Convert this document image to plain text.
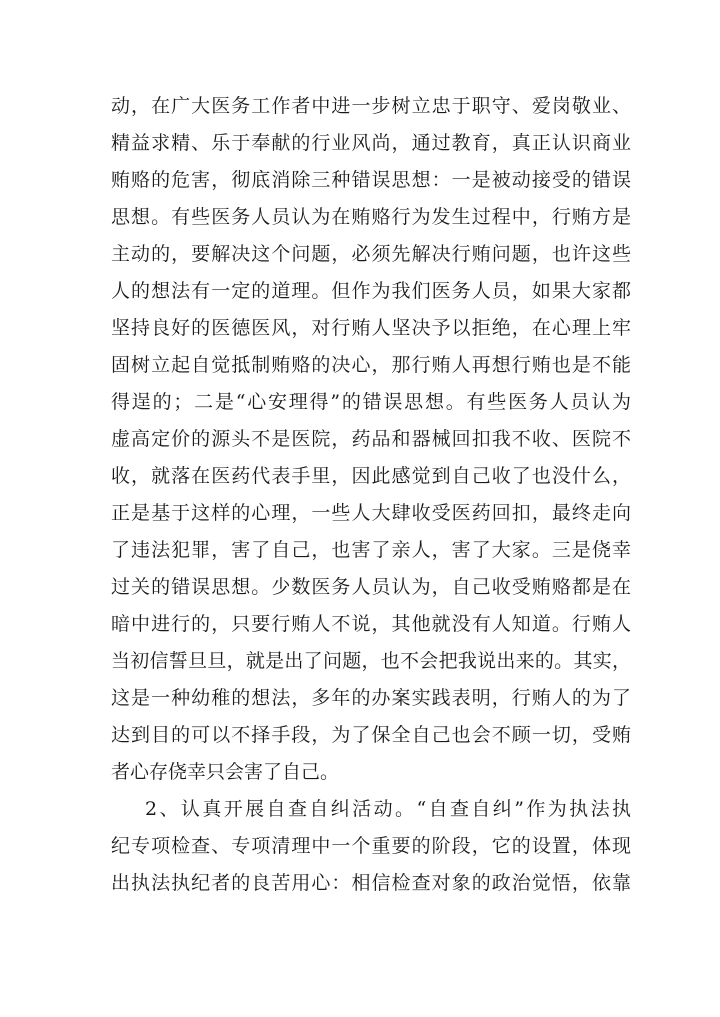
动，在广大医务工作者中进一步树立忠于职守、爱岗敬业、
精益求精、乐于奉献的行业风尚，通过教育，真正认识商业
贿赂的危害，彻底消除三种错误思想：一是被动接受的错误
思想。有些医务人员认为在贿赂行为发生过程中，行贿方是
主动的，要解决这个问题，必须先解决行贿问题，也许这些
人的想法有一定的道理。但作为我们医务人员，如果大家都
坚持良好的医德医风，对行贿人坚决予以拒绝，在心理上牢
固树立起自觉抵制贿赂的决心，那行贿人再想行贿也是不能
得逞的；二是“心安理得”的错误思想。有些医务人员认为
虚高定价的源头不是医院，药品和器械回扣我不收、医院不
收，就落在医药代表手里，因此感觉到自己收了也没什么，
正是基于这样的心理，一些人大肆收受医药回扣，最终走向
了违法犯罪，害了自己，也害了亲人，害了大家。三是侥幸
过关的错误思想。少数医务人员认为，自己收受贿赂都是在
暗中进行的，只要行贿人不说，其他就没有人知道。行贿人
当初信誓旦旦，就是出了问题，也不会把我说出来的。其实，
这是一种幼稚的想法，多年的办案实践表明，行贿人的为了
达到目的可以不择手段，为了保全自己也会不顾一切，受贿
者心存侥幸只会害了自己。
2、认真开展自查自纠活动。“自查自纠”作为执法执
纪专项检查、专项清理中一个重要的阶段，它的设置，体现
出执法执纪者的良苦用心：相信检查对象的政治觉悟，依靠
